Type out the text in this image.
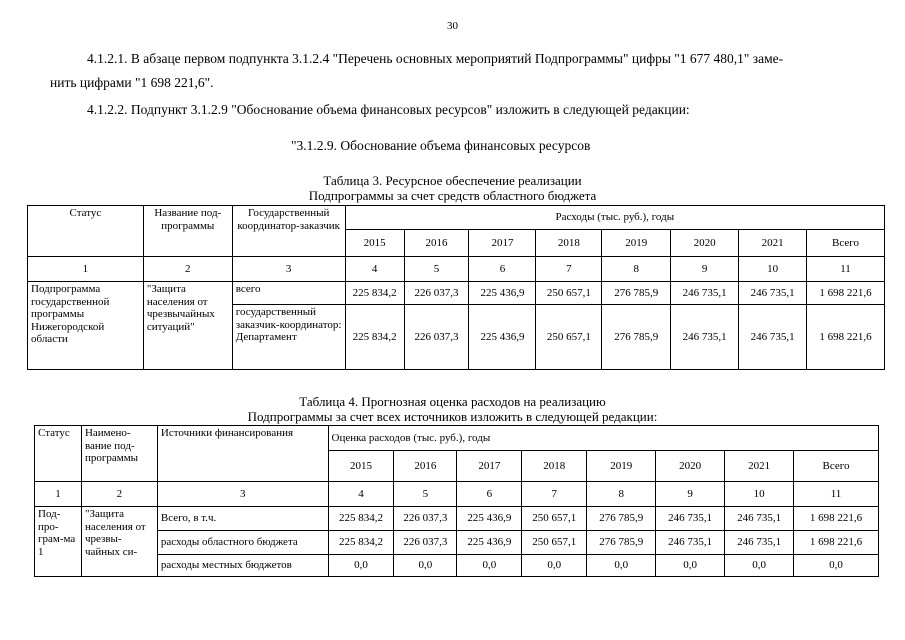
30
4.1.2.1. В абзаце первом подпункта 3.1.2.4 "Перечень основных мероприятий Подпрограммы" цифры "1 677 480,1" заме-
нить цифрами "1 698 221,6".
4.1.2.2. Подпункт 3.1.2.9 "Обоснование объема финансовых ресурсов" изложить в следующей редакции:
"3.1.2.9. Обоснование объема финансовых ресурсов
Таблица 3. Ресурсное обеспечение реализации
Подпрограммы за счет средств областного бюджета
Статус	Название под-программы	Государственный координатор-заказчик	Расходы (тыс. руб.), годы							
			2015	2016	2017	2018	2019	2020	2021	Всего
1	2	3	4	5	6	7	8	9	10	11
Подпрограмма государственной программы Нижегородской области	"Защита населения от чрезвычайных ситуаций"	всего	225 834,2	226 037,3	225 436,9	250 657,1	276 785,9	246 735,1	246 735,1	1 698 221,6
		государственный заказчик-координатор: Департамент	225 834,2	226 037,3	225 436,9	250 657,1	276 785,9	246 735,1	246 735,1	1 698 221,6
Таблица 4. Прогнозная оценка расходов на реализацию
Подпрограммы за счет всех источников изложить в следующей редакции:
Статус	Наимено-вание под-программы	Источники финансирования	Оценка расходов (тыс. руб.), годы							
			2015	2016	2017	2018	2019	2020	2021	Всего
1	2	3	4	5	6	7	8	9	10	11
Под-про-грам-ма 1	"Защита населения от чрезвы-чайных си-	Всего, в т.ч.	225 834,2	226 037,3	225 436,9	250 657,1	276 785,9	246 735,1	246 735,1	1 698 221,6
		расходы областного бюджета	225 834,2	226 037,3	225 436,9	250 657,1	276 785,9	246 735,1	246 735,1	1 698 221,6
		расходы местных бюджетов	0,0	0,0	0,0	0,0	0,0	0,0	0,0	0,0
